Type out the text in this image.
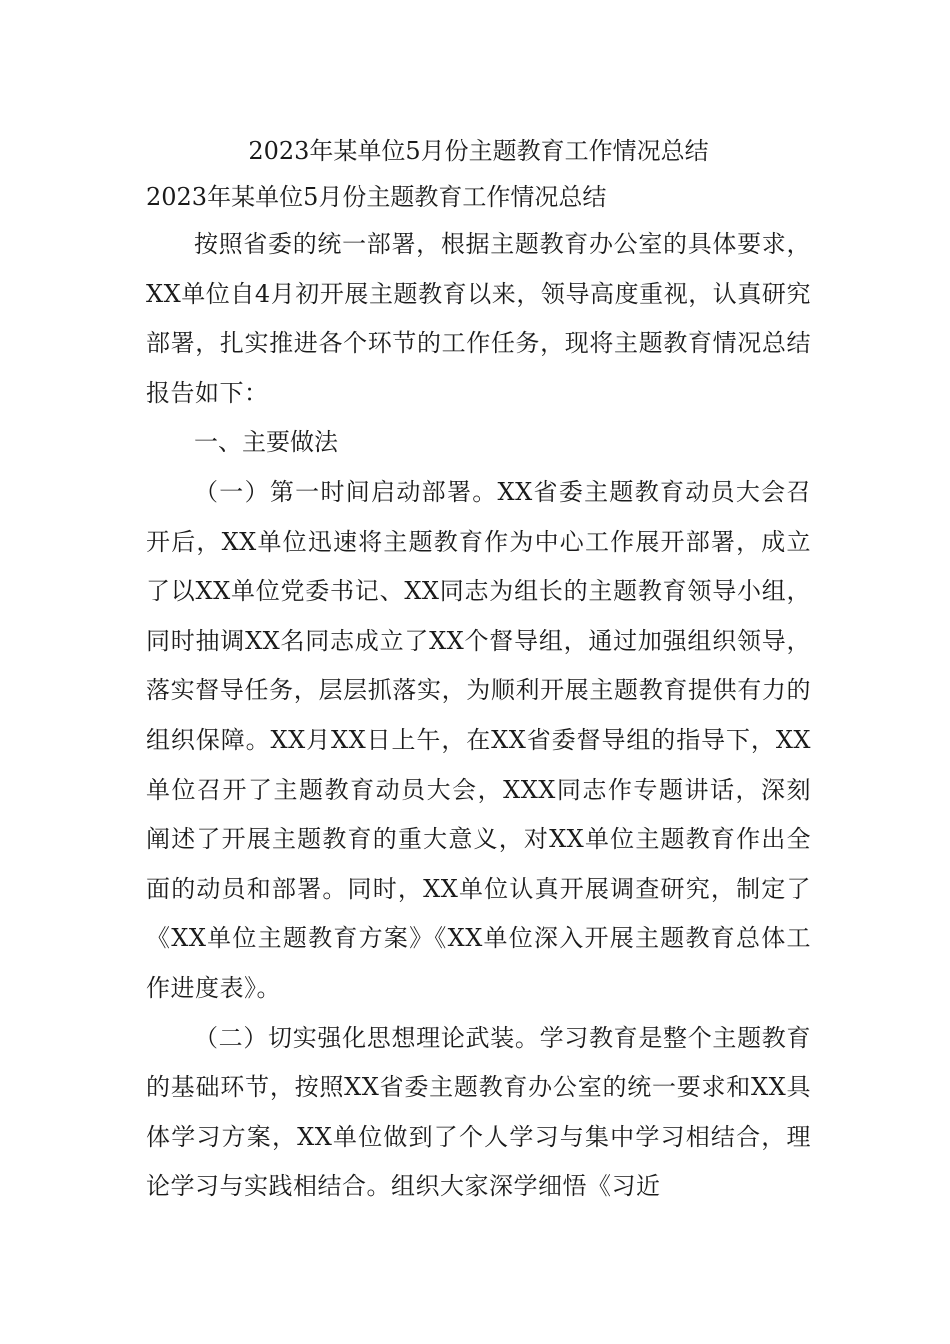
2023年某单位5月份主题教育工作情况总结
2023年某单位5月份主题教育工作情况总结

按照省委的统一部署，根据主题教育办公室的具体要求，XX单位自4月初开展主题教育以来，领导高度重视，认真研究部署，扎实推进各个环节的工作任务，现将主题教育情况总结报告如下：

一、主要做法

（一）第一时间启动部署。XX省委主题教育动员大会召开后，XX单位迅速将主题教育作为中心工作展开部署，成立了以XX单位党委书记、XX同志为组长的主题教育领导小组，同时抽调XX名同志成立了XX个督导组，通过加强组织领导，落实督导任务，层层抓落实，为顺利开展主题教育提供有力的组织保障。XX月XX日上午，在XX省委督导组的指导下，XX单位召开了主题教育动员大会，XXX同志作专题讲话，深刻阐述了开展主题教育的重大意义，对XX单位主题教育作出全面的动员和部署。同时，XX单位认真开展调查研究，制定了《XX单位主题教育方案》《XX单位深入开展主题教育总体工作进度表》。

（二）切实强化思想理论武装。学习教育是整个主题教育的基础环节，按照XX省委主题教育办公室的统一要求和XX具体学习方案，XX单位做到了个人学习与集中学习相结合，理论学习与实践相结合。组织大家深学细悟《习近
